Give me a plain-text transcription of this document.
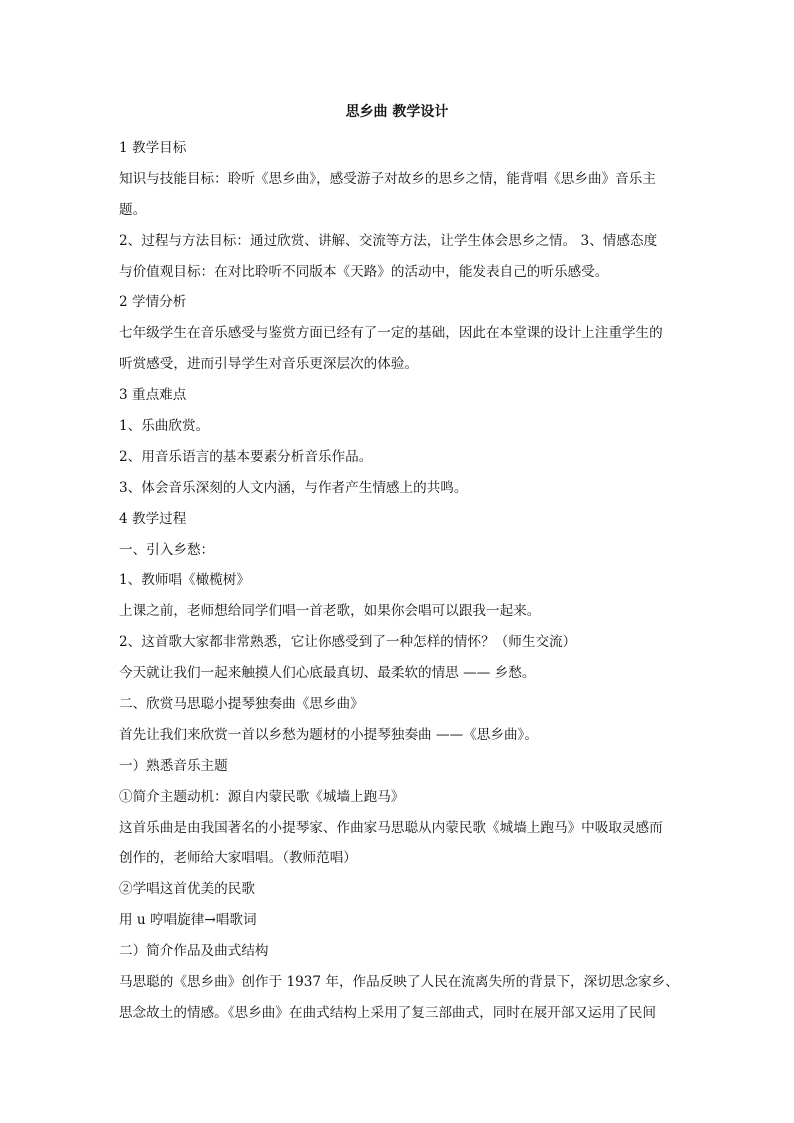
思乡曲 教学设计
1 教学目标
知识与技能目标：聆听《思乡曲》，感受游子对故乡的思乡之情，能背唱《思乡曲》音乐主
题。
2、过程与方法目标：通过欣赏、讲解、交流等方法，让学生体会思乡之情。 3、情感态度
与价值观目标：在对比聆听不同版本《天路》的活动中，能发表自己的听乐感受。
2 学情分析
七年级学生在音乐感受与鉴赏方面已经有了一定的基础，因此在本堂课的设计上注重学生的
听赏感受，进而引导学生对音乐更深层次的体验。
3 重点难点
1、乐曲欣赏。
2、用音乐语言的基本要素分析音乐作品。
3、体会音乐深刻的人文内涵，与作者产生情感上的共鸣。
4 教学过程
一、引入乡愁：
1、教师唱《橄榄树》
上课之前，老师想给同学们唱一首老歌，如果你会唱可以跟我一起来。
2、这首歌大家都非常熟悉，它让你感受到了一种怎样的情怀？（师生交流）
今天就让我们一起来触摸人们心底最真切、最柔软的情思 —— 乡愁。
二、欣赏马思聪小提琴独奏曲《思乡曲》
首先让我们来欣赏一首以乡愁为题材的小提琴独奏曲 ——《思乡曲》。
一）熟悉音乐主题
①简介主题动机：源自内蒙民歌《城墙上跑马》
这首乐曲是由我国著名的小提琴家、作曲家马思聪从内蒙民歌《城墙上跑马》中吸取灵感而
创作的，老师给大家唱唱。（教师范唱）
②学唱这首优美的民歌
用 u 哼唱旋律→唱歌词
二）简介作品及曲式结构
马思聪的《思乡曲》创作于 1937 年，作品反映了人民在流离失所的背景下，深切思念家乡、
思念故土的情感。《思乡曲》在曲式结构上采用了复三部曲式，同时在展开部又运用了民间
